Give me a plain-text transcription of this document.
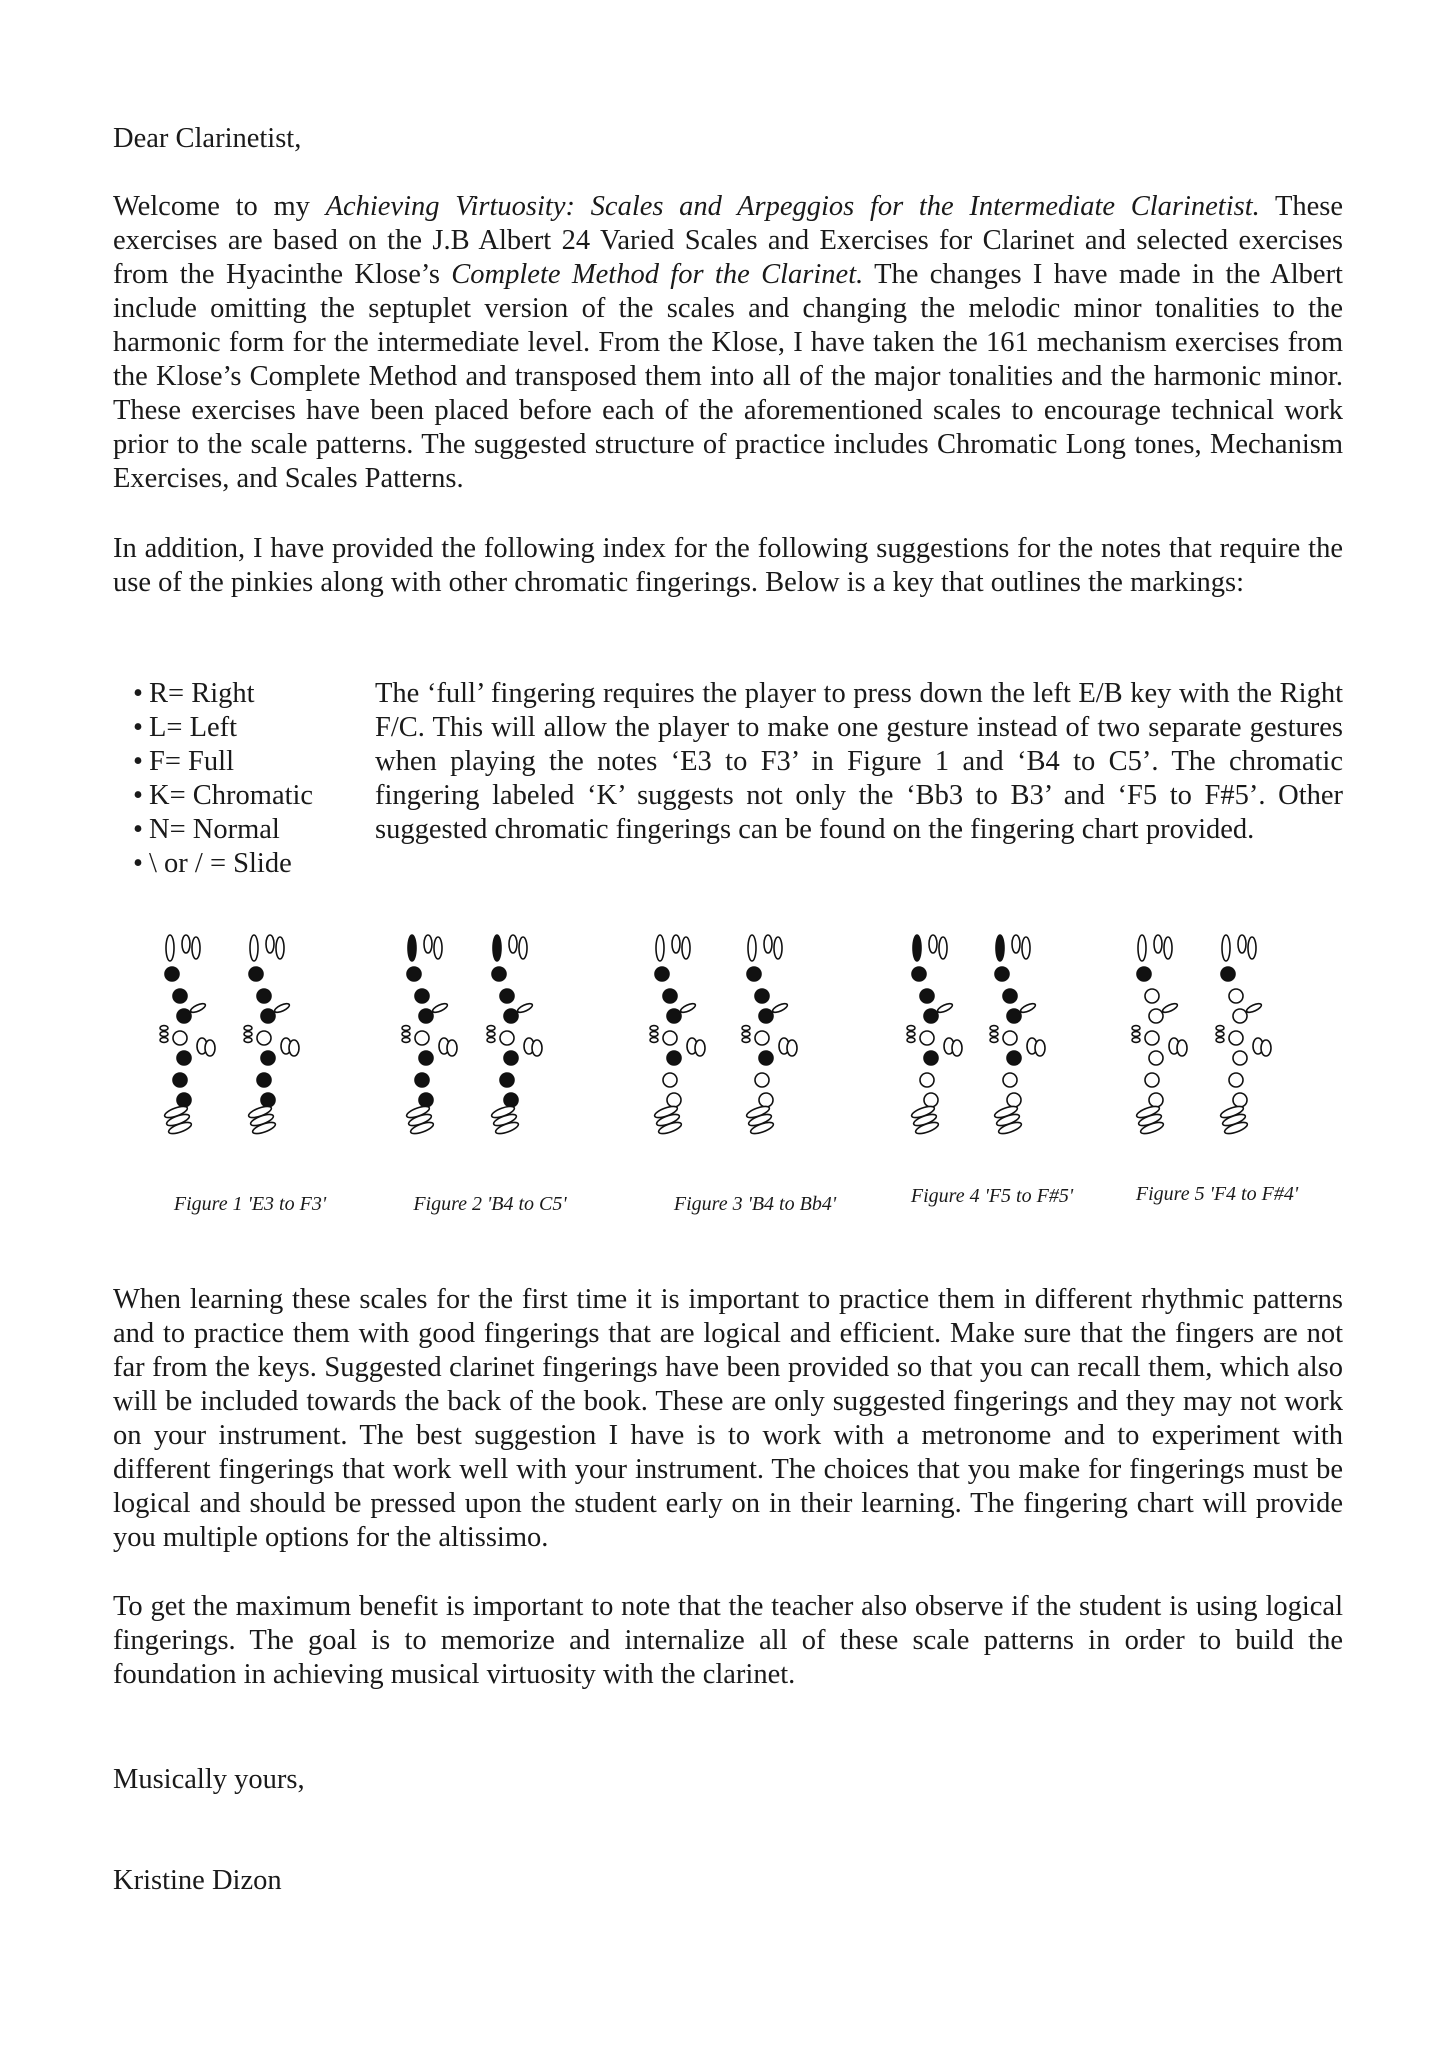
Dear Clarinetist,

Welcome to my Achieving Virtuosity: Scales and Arpeggios for the Intermediate Clarinetist. These exercises are based on the J.B Albert 24 Varied Scales and Exercises for Clarinet and selected exercises from the Hyacinthe Klose’s Complete Method for the Clarinet. The changes I have made in the Albert include omitting the septuplet version of the scales and changing the melodic minor tonalities to the harmonic form for the intermediate level. From the Klose, I have taken the 161 mechanism exercises from the Klose’s Complete Method and transposed them into all of the major tonalities and the harmonic minor. These exercises have been placed before each of the aforementioned scales to encourage technical work prior to the scale patterns. The suggested structure of practice includes Chromatic Long tones, Mechanism Exercises, and Scales Patterns.

In addition, I have provided the following index for the following suggestions for the notes that require the use of the pinkies along with other chromatic fingerings. Below is a key that outlines the markings:

• R= Right
• L= Left
• F= Full
• K= Chromatic
• N= Normal
• \ or / = Slide

The ‘full’ fingering requires the player to press down the left E/B key with the Right F/C. This will allow the player to make one gesture instead of two separate gestures when playing the notes ‘E3 to F3’ in Figure 1 and ‘B4 to C5’. The chromatic fingering labeled ‘K’ suggests not only the ‘Bb3 to B3’ and ‘F5 to F#5’. Other suggested chromatic fingerings can be found on the fingering chart provided.

Figure 1 'E3 to F3'	Figure 2 'B4 to C5'	Figure 3 'B4 to Bb4'	Figure 4 'F5 to F#5'	Figure 5 'F4 to F#4'

When learning these scales for the first time it is important to practice them in different rhythmic patterns and to practice them with good fingerings that are logical and efficient. Make sure that the fingers are not far from the keys. Suggested clarinet fingerings have been provided so that you can recall them, which also will be included towards the back of the book. These are only suggested fingerings and they may not work on your instrument. The best suggestion I have is to work with a metronome and to experiment with different fingerings that work well with your instrument. The choices that you make for fingerings must be logical and should be pressed upon the student early on in their learning. The fingering chart will provide you multiple options for the altissimo.

To get the maximum benefit is important to note that the teacher also observe if the student is using logical fingerings. The goal is to memorize and internalize all of these scale patterns in order to build the foundation in achieving musical virtuosity with the clarinet.

Musically yours,
Kristine Dizon
